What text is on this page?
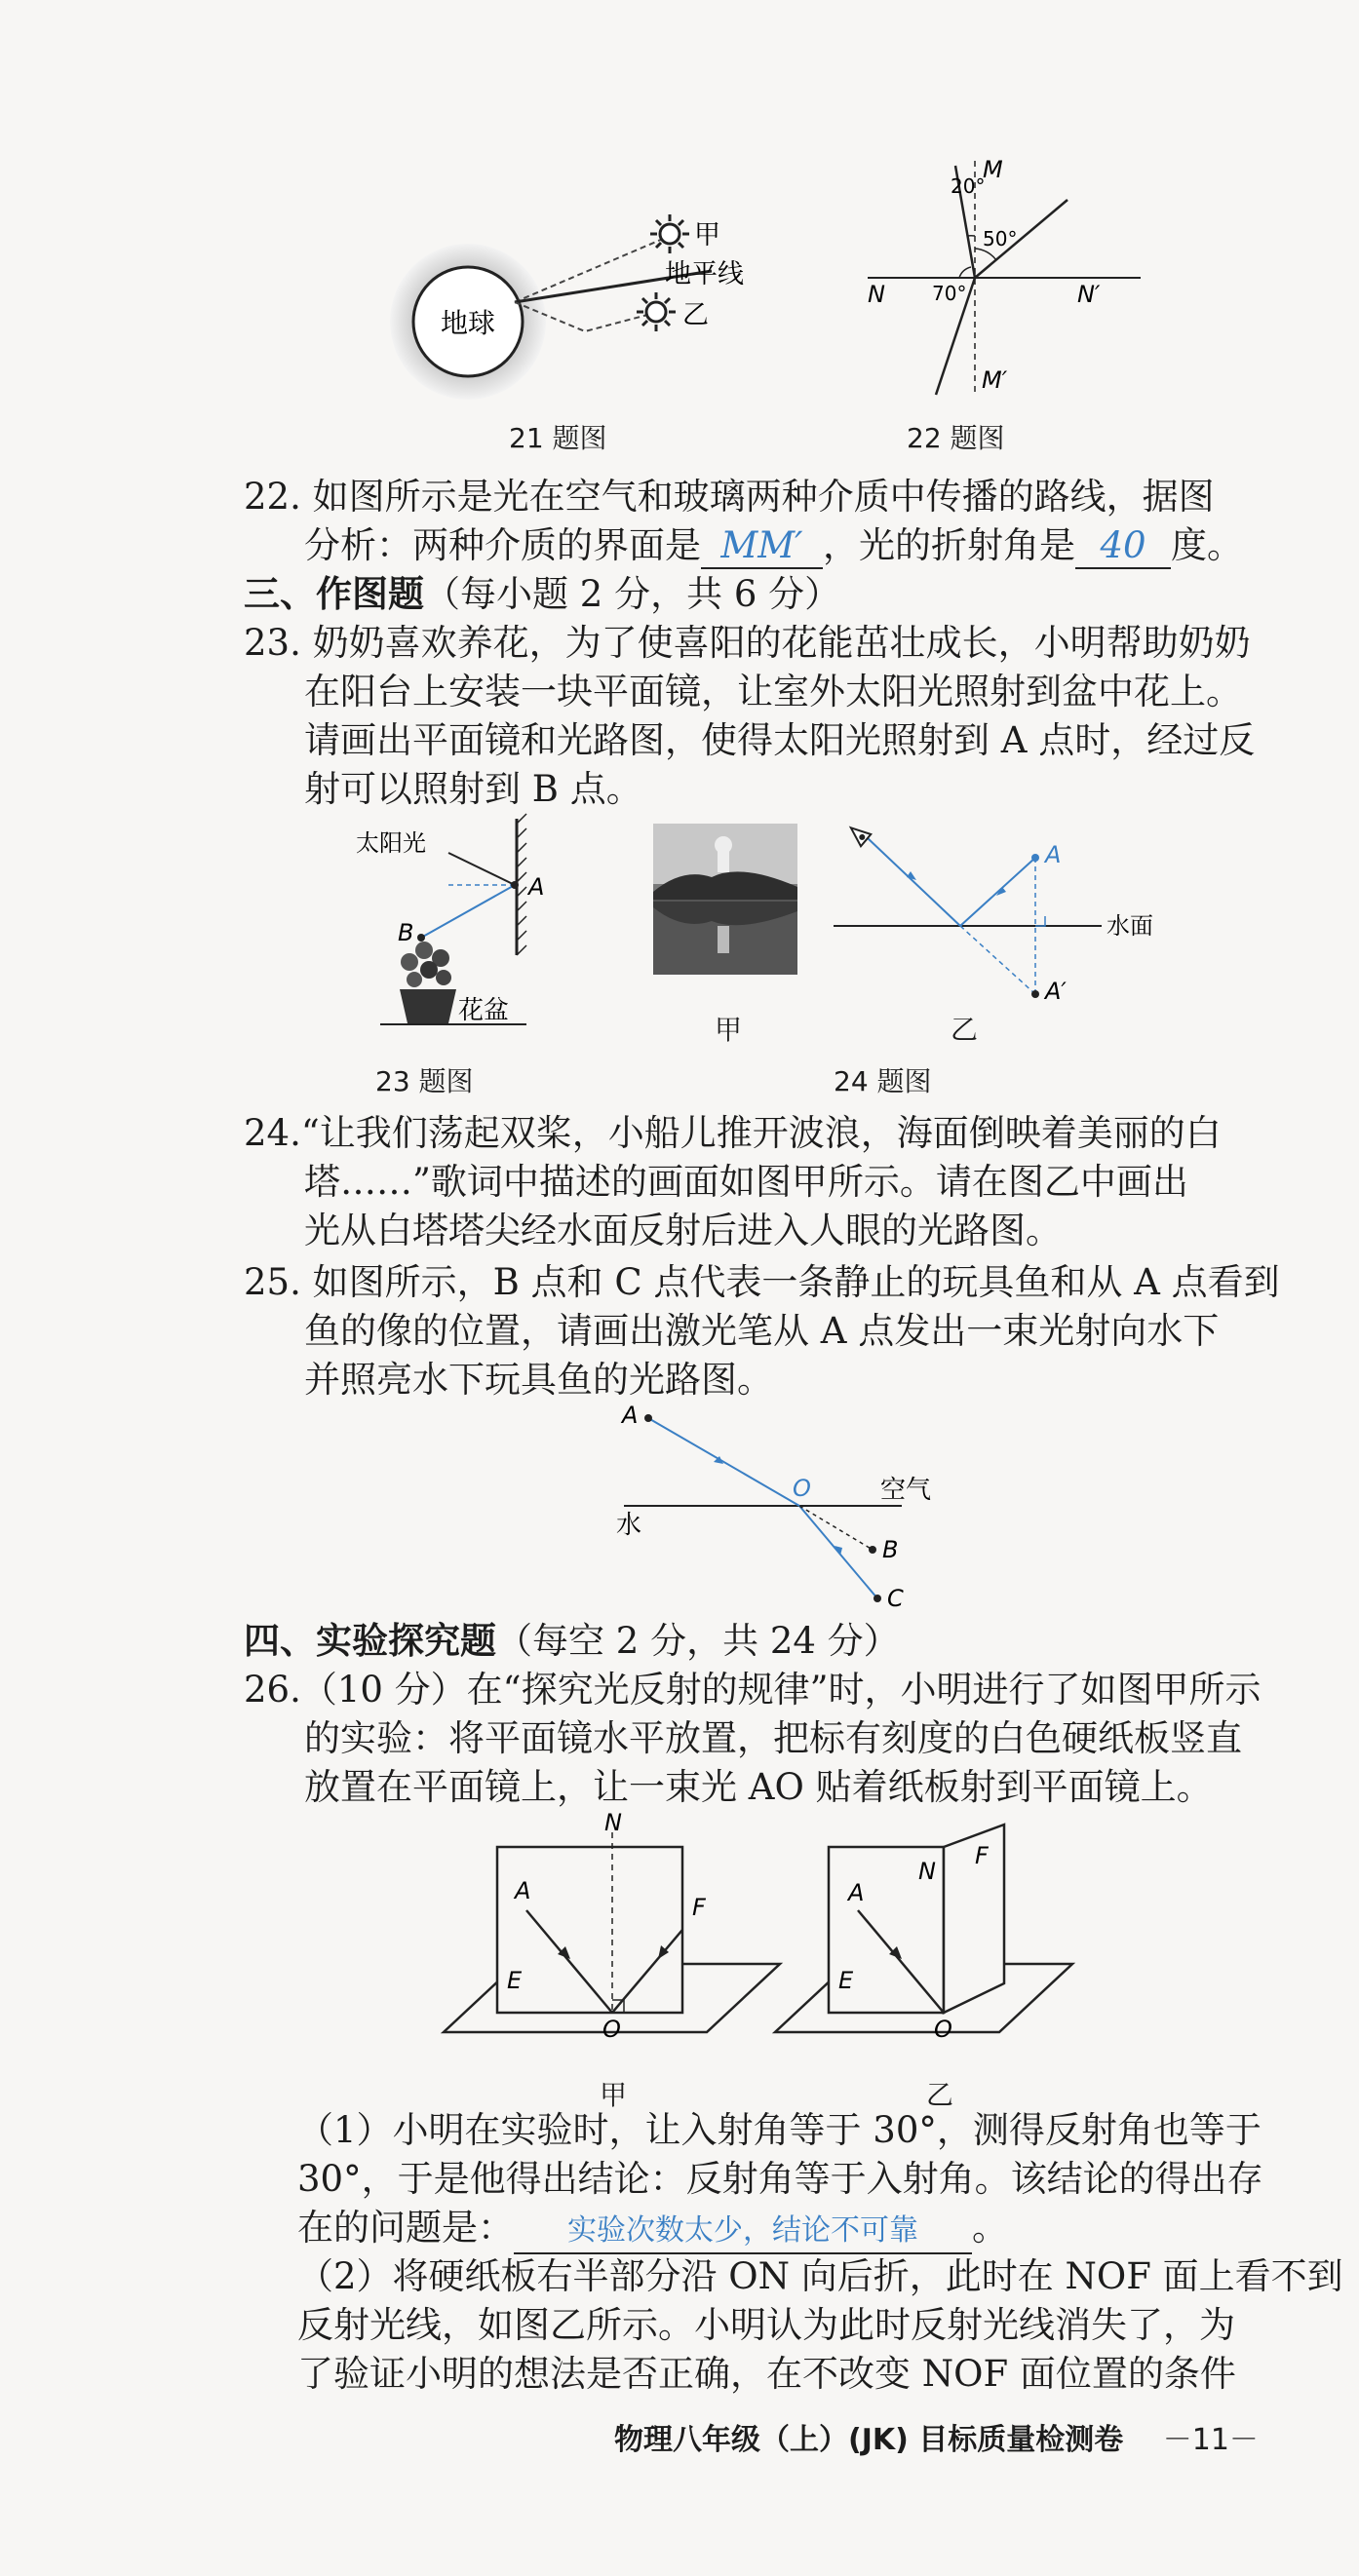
地球
甲
地平线
乙
21 题图
M
20°
50°
70°
N	N′
M′
22 题图
22. 如图所示是光在空气和玻璃两种介质中传播的路线，据图
分析：两种介质的界面是 MM′ ，光的折射角是 40 度。
三、作图题（每小题 2 分，共 6 分）
23. 奶奶喜欢养花，为了使喜阳的花能茁壮成长，小明帮助奶奶
在阳台上安装一块平面镜，让室外太阳光照射到盆中花上。
请画出平面镜和光路图，使得太阳光照射到 A 点时，经过反
射可以照射到 B 点。
太阳光
A
B
花盆
23 题图
甲
A
水面
A′
乙
24 题图
24.“让我们荡起双桨，小船儿推开波浪，海面倒映着美丽的白
塔……”歌词中描述的画面如图甲所示。请在图乙中画出
光从白塔塔尖经水面反射后进入人眼的光路图。
25. 如图所示，B 点和 C 点代表一条静止的玩具鱼和从 A 点看到
鱼的像的位置，请画出激光笔从 A 点发出一束光射向水下
并照亮水下玩具鱼的光路图。
A
O	空气
水
B
C
四、实验探究题（每空 2 分，共 24 分）
26.（10 分）在“探究光反射的规律”时，小明进行了如图甲所示
的实验：将平面镜水平放置，把标有刻度的白色硬纸板竖直
放置在平面镜上，让一束光 AO 贴着纸板射到平面镜上。
N
A
F
E
O
甲
N
F
A
E
O
乙
（1）小明在实验时，让入射角等于 30°，测得反射角也等于
30°，于是他得出结论：反射角等于入射角。该结论的得出存
在的问题是： 实验次数太少，结论不可靠 。
（2）将硬纸板右半部分沿 ON 向后折，此时在 NOF 面上看不到
反射光线，如图乙所示。小明认为此时反射光线消失了，为
了验证小明的想法是否正确，在不改变 NOF 面位置的条件
物理八年级（上）(JK) 目标质量检测卷 －11－
